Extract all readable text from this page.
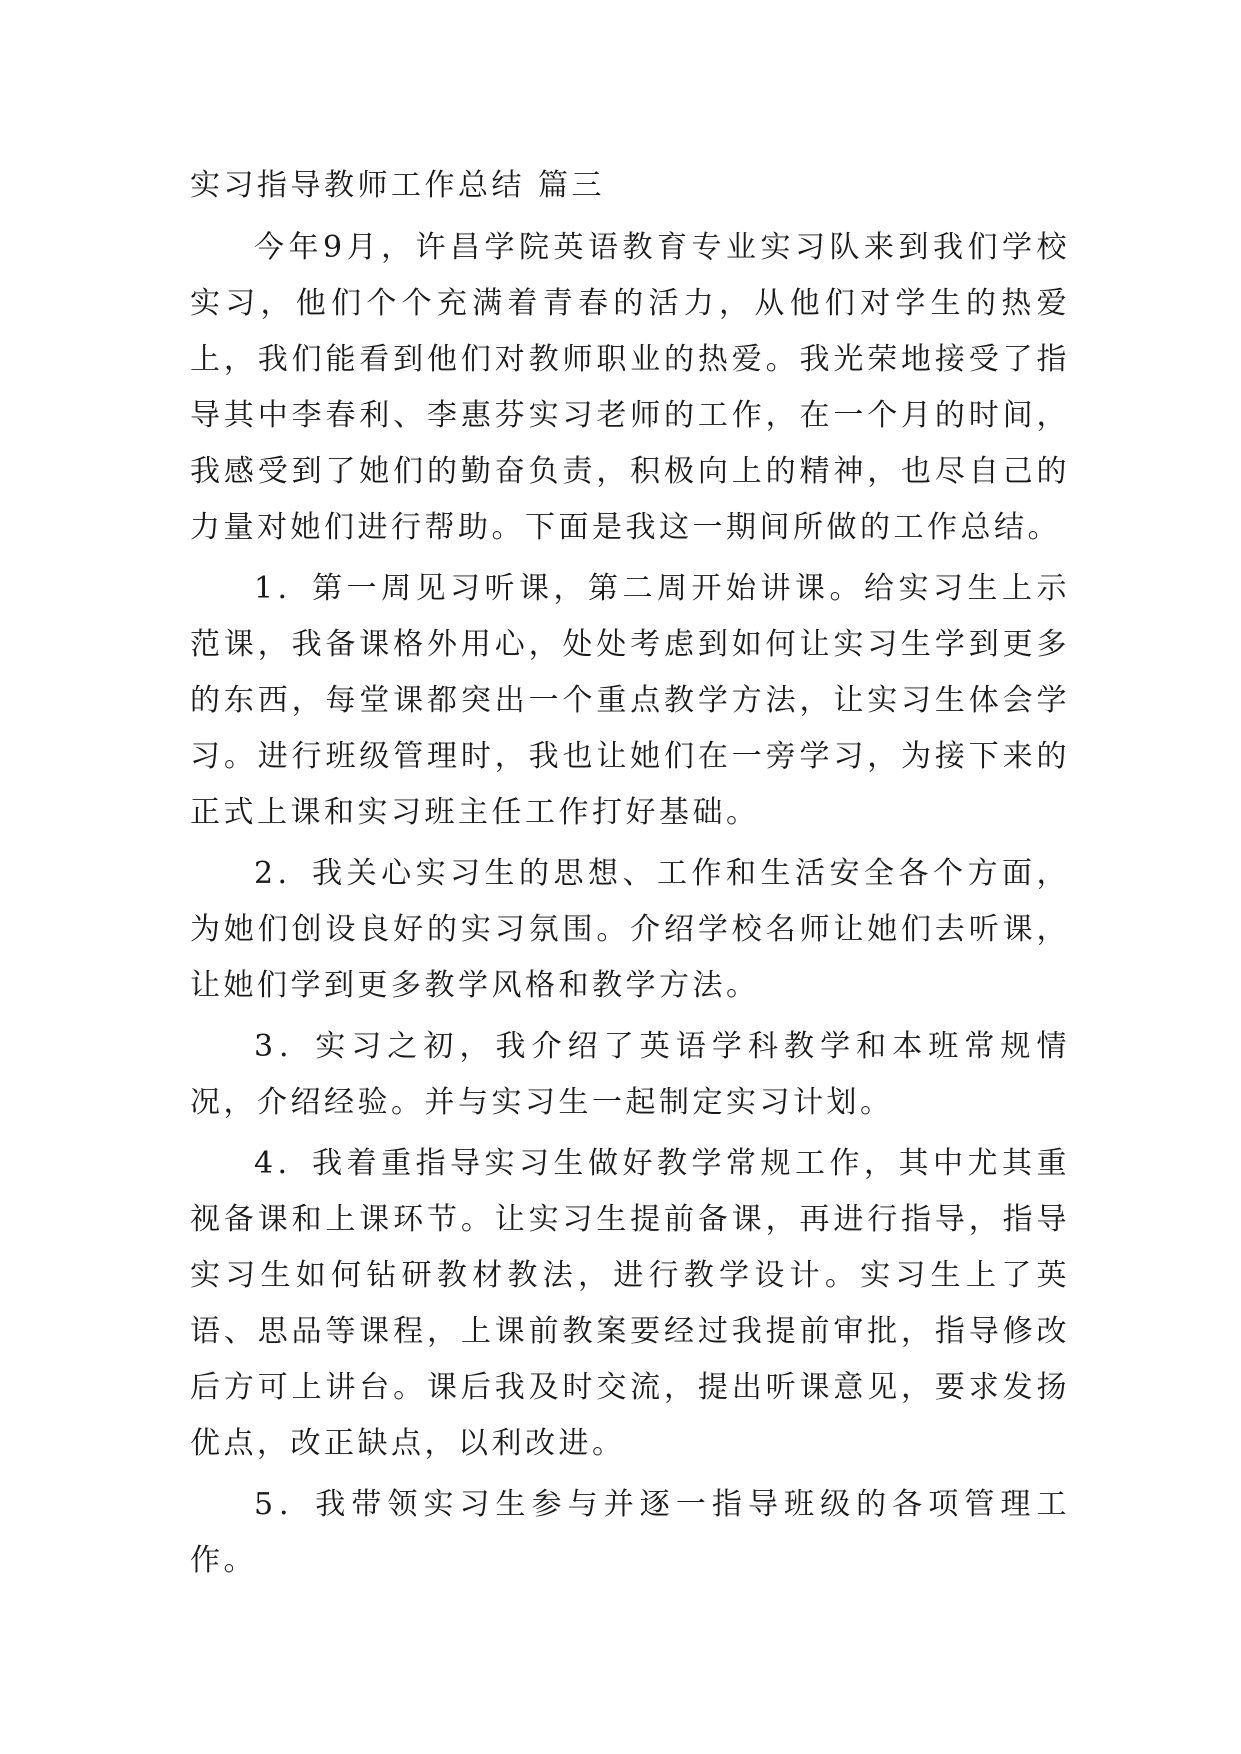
实习指导教师工作总结 篇三

今年9月，许昌学院英语教育专业实习队来到我们学校实习，他们个个充满着青春的活力，从他们对学生的热爱上，我们能看到他们对教师职业的热爱。我光荣地接受了指导其中李春利、李惠芬实习老师的工作，在一个月的时间，我感受到了她们的勤奋负责，积极向上的精神，也尽自己的力量对她们进行帮助。下面是我这一期间所做的工作总结。

1．第一周见习听课，第二周开始讲课。给实习生上示范课，我备课格外用心，处处考虑到如何让实习生学到更多的东西，每堂课都突出一个重点教学方法，让实习生体会学习。进行班级管理时，我也让她们在一旁学习，为接下来的正式上课和实习班主任工作打好基础。

2．我关心实习生的思想、工作和生活安全各个方面，为她们创设良好的实习氛围。介绍学校名师让她们去听课，让她们学到更多教学风格和教学方法。

3．实习之初，我介绍了英语学科教学和本班常规情况，介绍经验。并与实习生一起制定实习计划。

4．我着重指导实习生做好教学常规工作，其中尤其重视备课和上课环节。让实习生提前备课，再进行指导，指导实习生如何钻研教材教法，进行教学设计。实习生上了英语、思品等课程，上课前教案要经过我提前审批，指导修改后方可上讲台。课后我及时交流，提出听课意见，要求发扬优点，改正缺点，以利改进。

5．我带领实习生参与并逐一指导班级的各项管理工作。
